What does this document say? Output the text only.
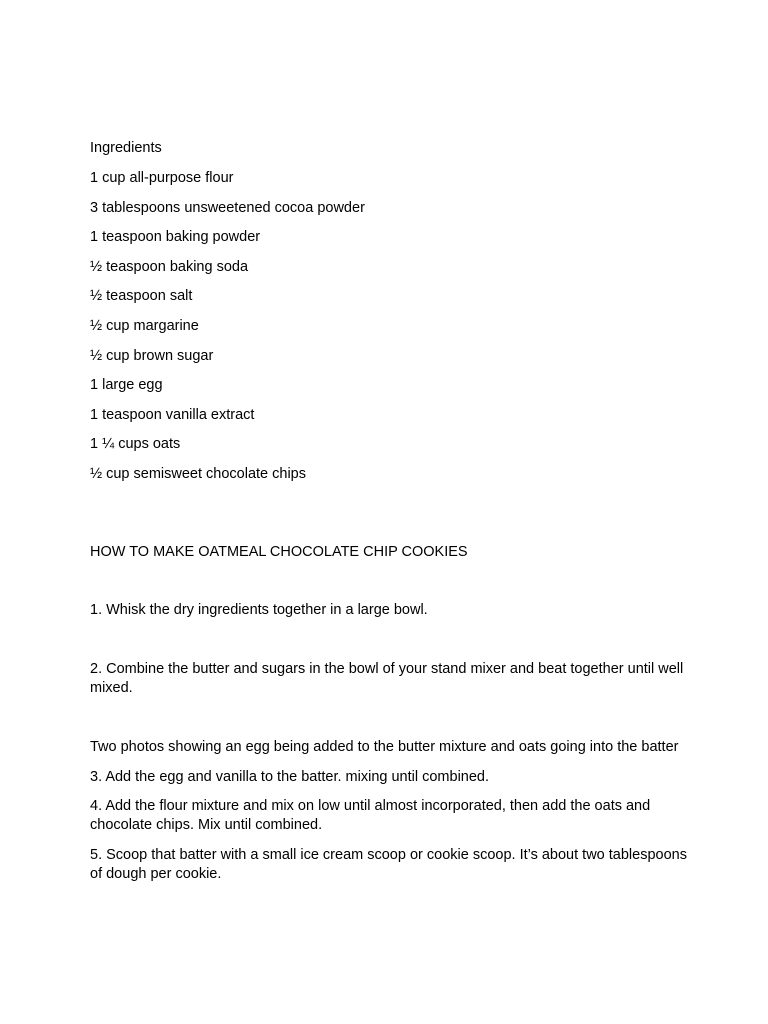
Ingredients
1 cup all-purpose flour
3 tablespoons unsweetened cocoa powder
1 teaspoon baking powder
½ teaspoon baking soda
½ teaspoon salt
½ cup margarine
½ cup brown sugar
1 large egg
1 teaspoon vanilla extract
1 ¼ cups oats
½ cup semisweet chocolate chips
HOW TO MAKE OATMEAL CHOCOLATE CHIP COOKIES
1. Whisk the dry ingredients together in a large bowl.
2. Combine the butter and sugars in the bowl of your stand mixer and beat together until well mixed.
Two photos showing an egg being added to the butter mixture and oats going into the batter
3. Add the egg and vanilla to the batter. mixing until combined.
4. Add the flour mixture and mix on low until almost incorporated, then add the oats and chocolate chips. Mix until combined.
5. Scoop that batter with a small ice cream scoop or cookie scoop. It’s about two tablespoons of dough per cookie.
